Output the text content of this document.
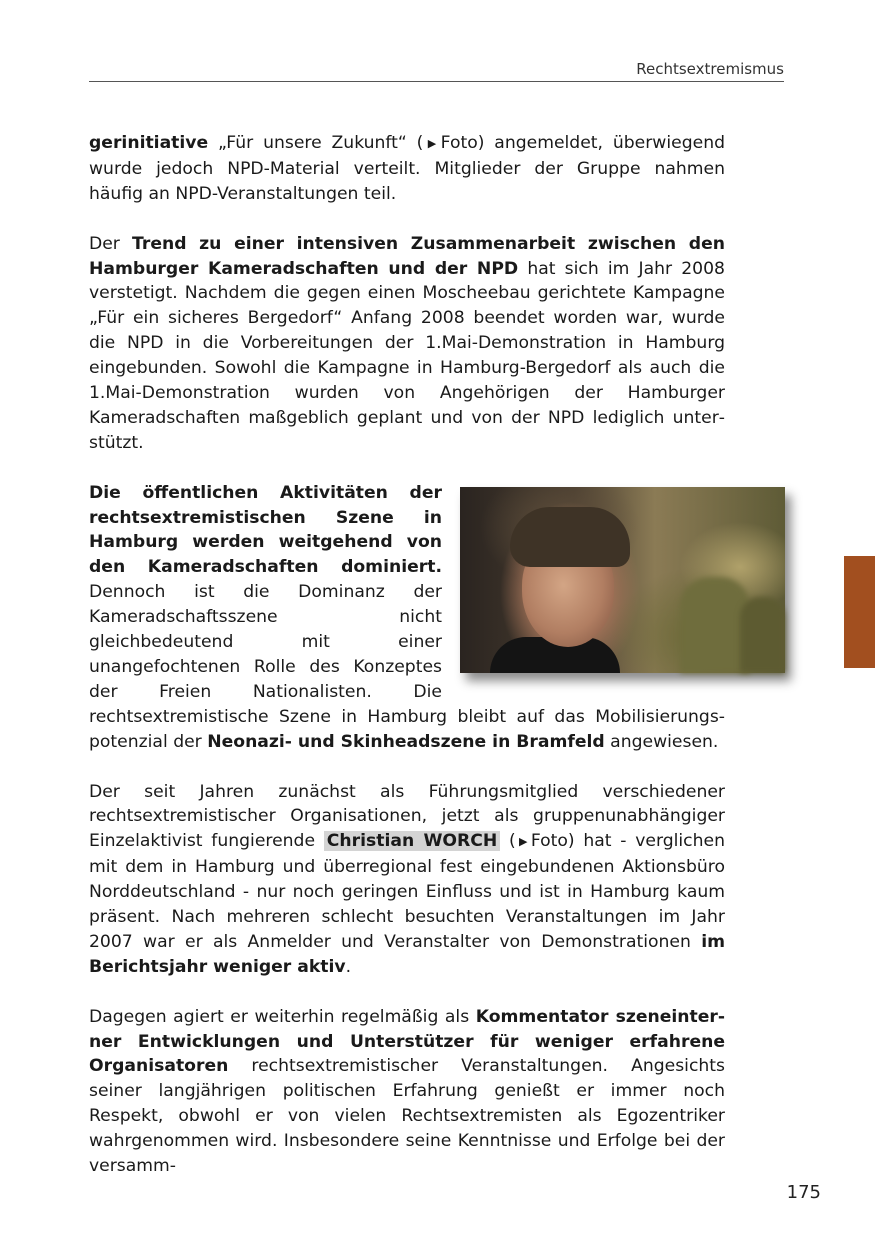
Rechtsextremismus

gerinitiative „Für unsere Zukunft“ (▶Foto) angemeldet, überwiegend wurde jedoch NPD-Material verteilt. Mitglieder der Gruppe nahmen häufig an NPD-Veranstaltungen teil.

Der Trend zu einer intensiven Zusammenarbeit zwischen den Hamburger Kameradschaften und der NPD hat sich im Jahr 2008 verstetigt. Nachdem die gegen einen Moscheebau gerichtete Kampagne „Für ein sicheres Bergedorf“ Anfang 2008 beendet worden war, wurde die NPD in die Vorbereitungen der 1.Mai-Demonstration in Hamburg eingebunden. Sowohl die Kampagne in Hamburg-Bergedorf als auch die 1.Mai-Demonstration wurden von Angehörigen der Hamburger Kameradschaften maßgeblich geplant und von der NPD lediglich unterstützt.

Die öffentlichen Aktivitäten der rechtsextremistischen Szene in Hamburg werden weitgehend von den Kameradschaften dominiert. Dennoch ist die Dominanz der Kameradschaftsszene nicht gleichbedeutend mit einer unangefochtenen Rolle des Konzeptes der Freien Nationalisten. Die rechtsextremistische Szene in Hamburg bleibt auf das Mobilisierungspotenzial der Neonazi- und Skinheadszene in Bramfeld angewiesen.

Der seit Jahren zunächst als Führungsmitglied verschiedener rechtsextremistischer Organisationen, jetzt als gruppenunabhängiger Einzelaktivist fungierende Christian WORCH (▶Foto) hat - verglichen mit dem in Hamburg und überregional fest eingebundenen Aktionsbüro Norddeutschland - nur noch geringen Einfluss und ist in Hamburg kaum präsent. Nach mehreren schlecht besuchten Veranstaltungen im Jahr 2007 war er als Anmelder und Veranstalter von Demonstrationen im Berichtsjahr weniger aktiv.

Dagegen agiert er weiterhin regelmäßig als Kommentator szeneinterner Entwicklungen und Unterstützer für weniger erfahrene Organisatoren rechtsextremistischer Veranstaltungen. Angesichts seiner langjährigen politischen Erfahrung genießt er immer noch Respekt, obwohl er von vielen Rechtsextremisten als Egozentriker wahrgenommen wird. Insbesondere seine Kenntnisse und Erfolge bei der versamm-

175
